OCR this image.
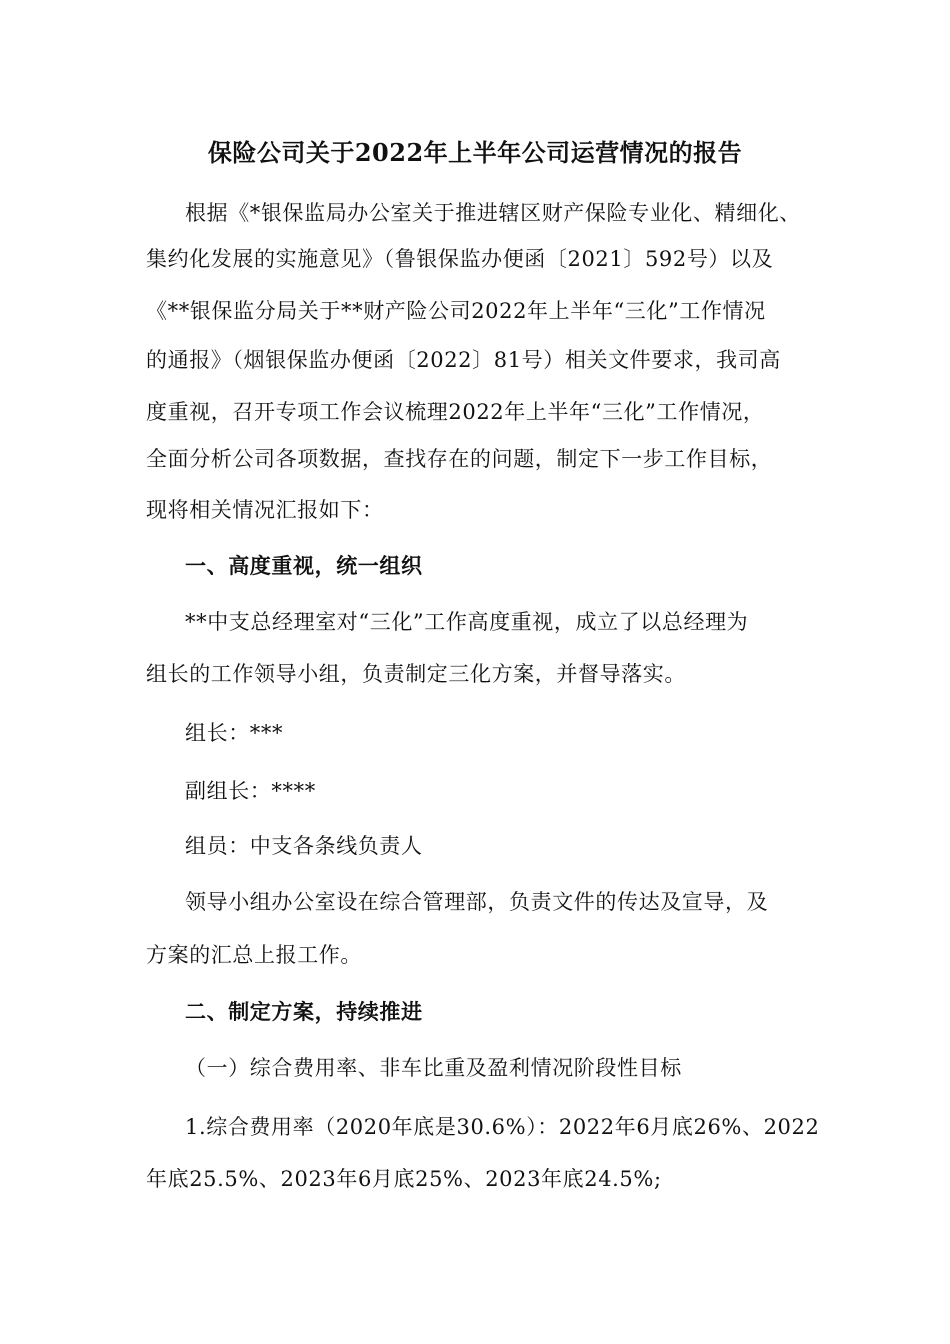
保险公司关于2022年上半年公司运营情况的报告
根据《*银保监局办公室关于推进辖区财产保险专业化、精细化、
集约化发展的实施意见》（鲁银保监办便函〔2021〕592号）以及
《**银保监分局关于**财产险公司2022年上半年“三化”工作情况
的通报》（烟银保监办便函〔2022〕81号）相关文件要求，我司高
度重视，召开专项工作会议梳理2022年上半年“三化”工作情况，
全面分析公司各项数据，查找存在的问题，制定下一步工作目标，
现将相关情况汇报如下：
一、高度重视，统一组织
**中支总经理室对“三化”工作高度重视，成立了以总经理为
组长的工作领导小组，负责制定三化方案，并督导落实。
组长：***
副组长：****
组员：中支各条线负责人
领导小组办公室设在综合管理部，负责文件的传达及宣导，及
方案的汇总上报工作。
二、制定方案，持续推进
（一）综合费用率、非车比重及盈利情况阶段性目标
1.综合费用率（2020年底是30.6%）：2022年6月底26%、2022
年底25.5%、2023年6月底25%、2023年底24.5%;
